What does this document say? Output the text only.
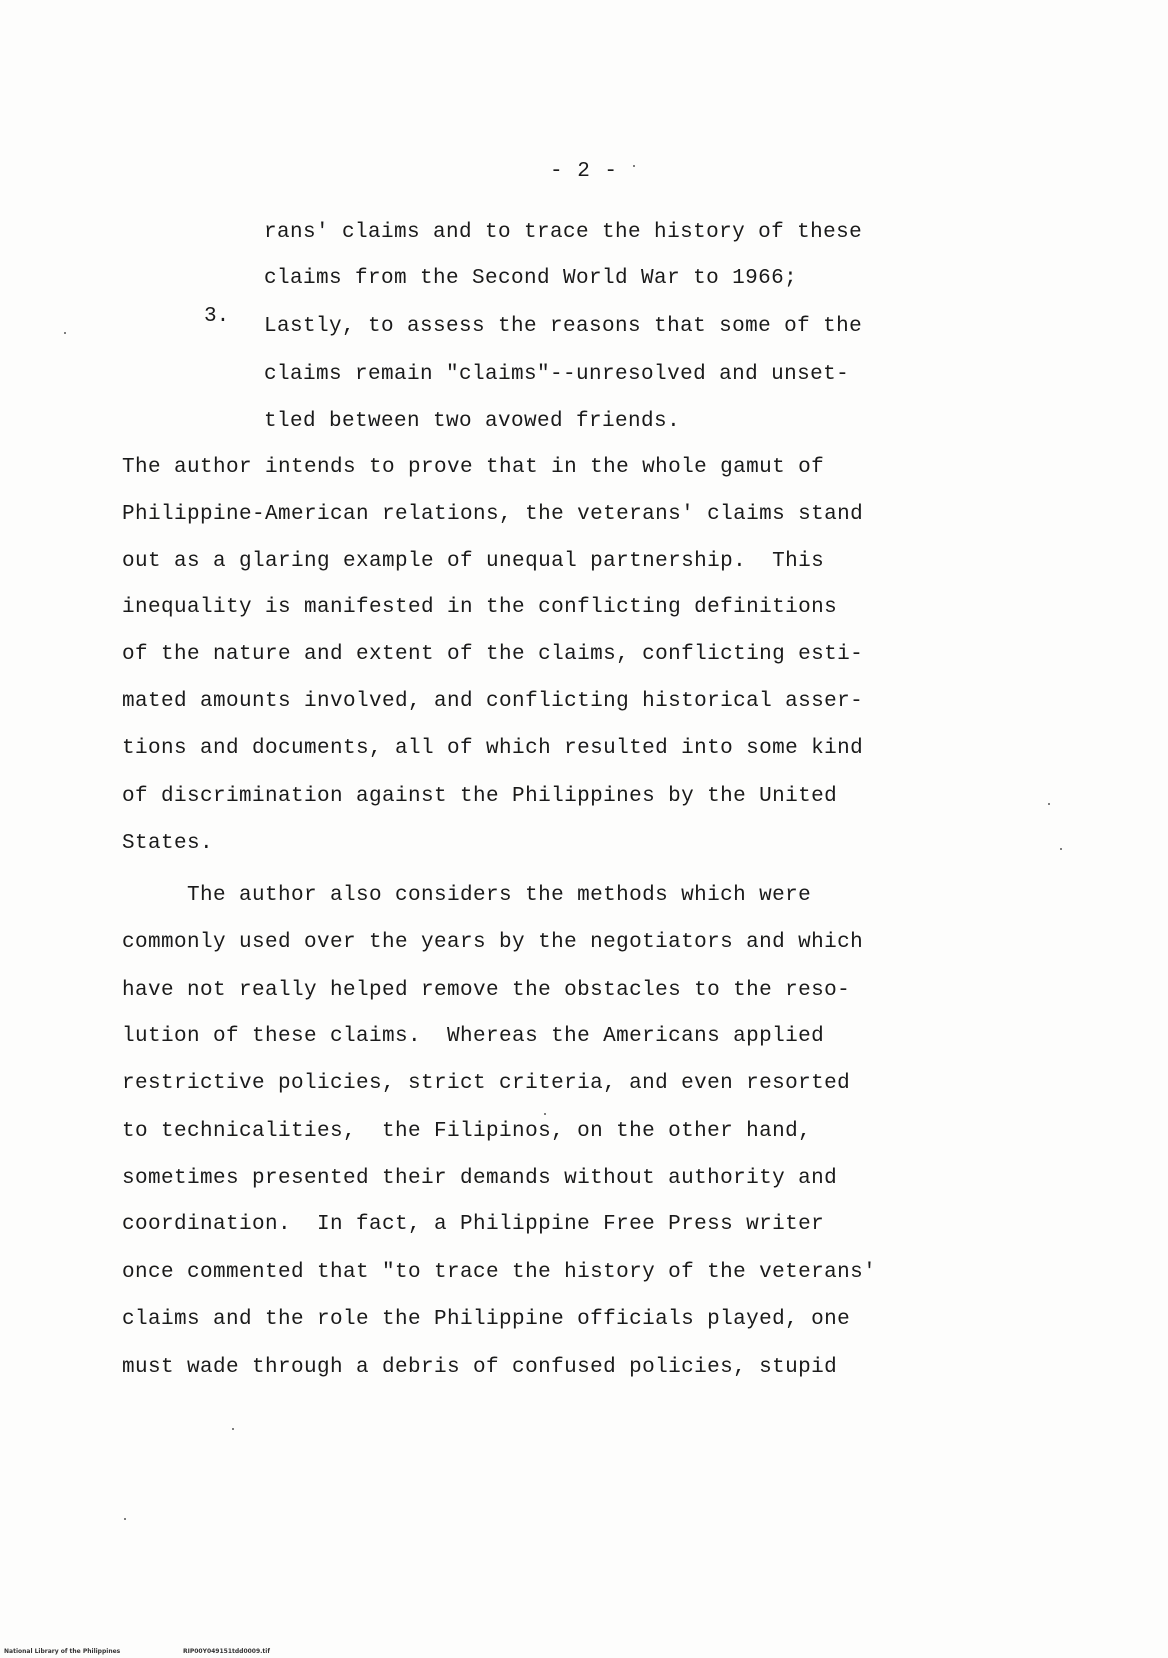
- 2 -
rans' claims and to trace the history of these
claims from the Second World War to 1966;
3. Lastly, to assess the reasons that some of the
claims remain "claims"--unresolved and unset-
tled between two avowed friends.
The author intends to prove that in the whole gamut of
Philippine-American relations, the veterans' claims stand
out as a glaring example of unequal partnership.  This
inequality is manifested in the conflicting definitions
of the nature and extent of the claims, conflicting esti-
mated amounts involved, and conflicting historical asser-
tions and documents, all of which resulted into some kind
of discrimination against the Philippines by the United
States.
The author also considers the methods which were
commonly used over the years by the negotiators and which
have not really helped remove the obstacles to the reso-
lution of these claims.  Whereas the Americans applied
restrictive policies, strict criteria, and even resorted
to technicalities,  the Filipinos, on the other hand,
sometimes presented their demands without authority and
coordination.  In fact, a Philippine Free Press writer
once commented that "to trace the history of the veterans'
claims and the role the Philippine officials played, one
must wade through a debris of confused policies, stupid
National Library of the Philippines	RIP00Y049151tdd0009.tif
